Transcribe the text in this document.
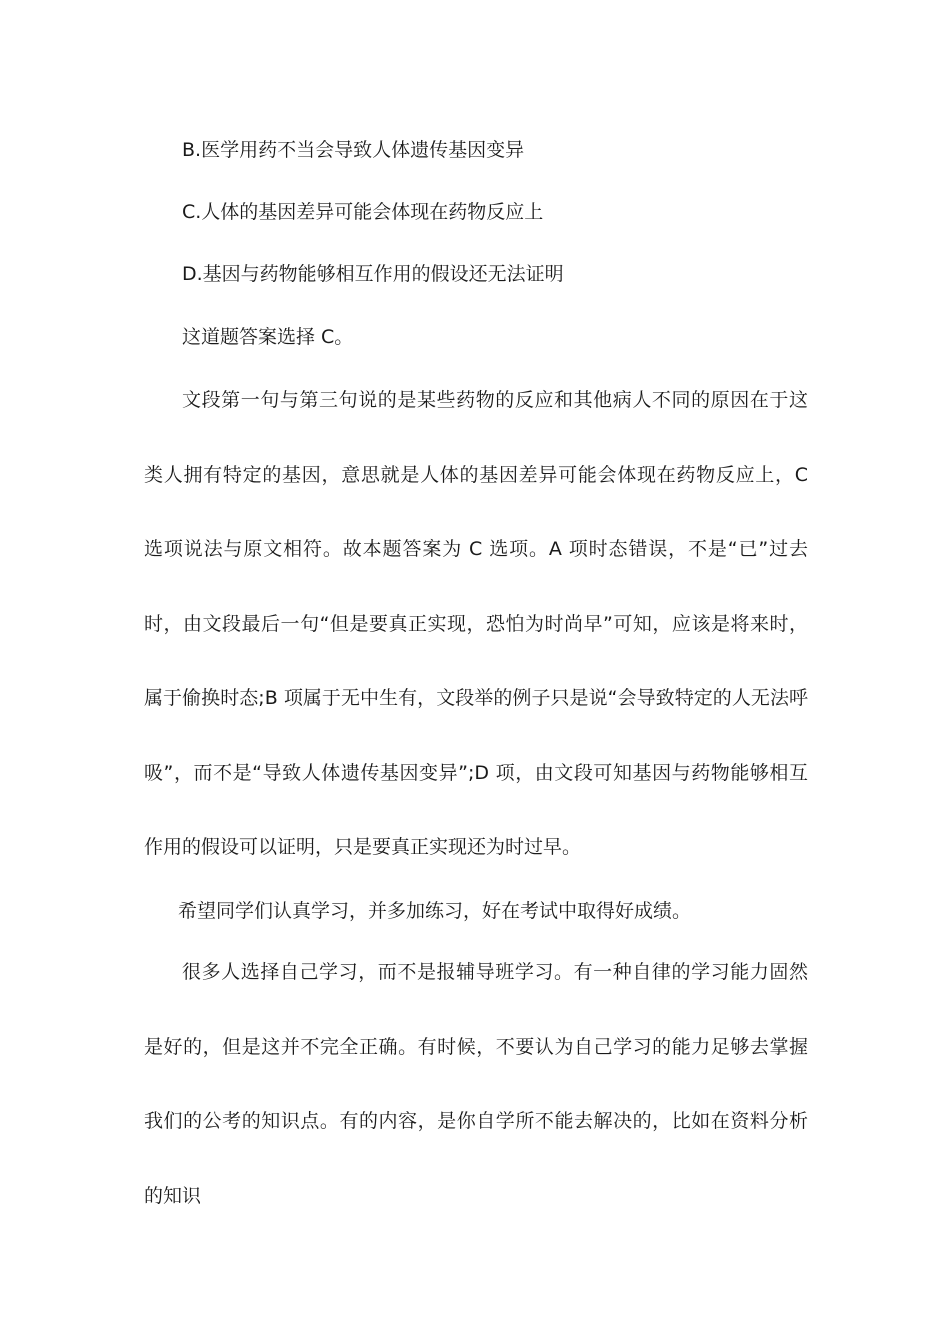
B.医学用药不当会导致人体遗传基因变异

C.人体的基因差异可能会体现在药物反应上

D.基因与药物能够相互作用的假设还无法证明

这道题答案选择 C。

文段第一句与第三句说的是某些药物的反应和其他病人不同的原因在于这类人拥有特定的基因，意思就是人体的基因差异可能会体现在药物反应上，C 选项说法与原文相符。故本题答案为 C 选项。A 项时态错误，不是“已”过去时，由文段最后一句“但是要真正实现，恐怕为时尚早”可知，应该是将来时，属于偷换时态;B 项属于无中生有，文段举的例子只是说“会导致特定的人无法呼吸”，而不是“导致人体遗传基因变异”;D 项，由文段可知基因与药物能够相互作用的假设可以证明，只是要真正实现还为时过早。

希望同学们认真学习，并多加练习，好在考试中取得好成绩。

很多人选择自己学习，而不是报辅导班学习。有一种自律的学习能力固然是好的，但是这并不完全正确。有时候，不要认为自己学习的能力足够去掌握我们的公考的知识点。有的内容，是你自学所不能去解决的，比如在资料分析的知识
